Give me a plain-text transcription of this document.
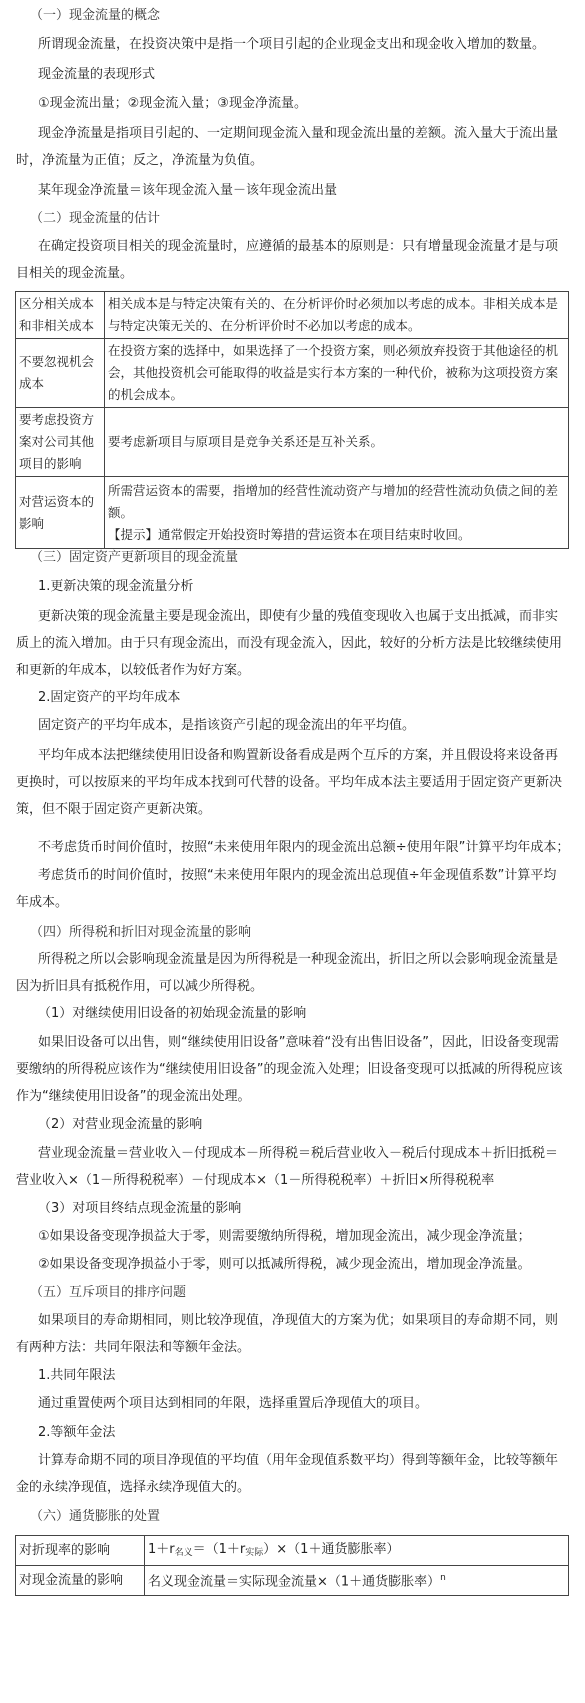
（一）现金流量的概念
所谓现金流量，在投资决策中是指一个项目引起的企业现金支出和现金收入增加的数量。
现金流量的表现形式
①现金流出量；②现金流入量；③现金净流量。
现金净流量是指项目引起的、一定期间现金流入量和现金流出量的差额。流入量大于流出量时，净流量为正值；反之，净流量为负值。
某年现金净流量＝该年现金流入量－该年现金流出量
（二）现金流量的估计
在确定投资项目相关的现金流量时，应遵循的最基本的原则是：只有增量现金流量才是与项目相关的现金流量。
区分相关成本和非相关成本	相关成本是与特定决策有关的、在分析评价时必须加以考虑的成本。非相关成本是与特定决策无关的、在分析评价时不必加以考虑的成本。
不要忽视机会成本	在投资方案的选择中，如果选择了一个投资方案，则必须放弃投资于其他途径的机会，其他投资机会可能取得的收益是实行本方案的一种代价，被称为这项投资方案的机会成本。
要考虑投资方案对公司其他项目的影响	要考虑新项目与原项目是竞争关系还是互补关系。
对营运资本的影响	所需营运资本的需要，指增加的经营性流动资产与增加的经营性流动负债之间的差额。
【提示】通常假定开始投资时筹措的营运资本在项目结束时收回。
（三）固定资产更新项目的现金流量
1.更新决策的现金流量分析
更新决策的现金流量主要是现金流出，即使有少量的残值变现收入也属于支出抵减，而非实质上的流入增加。由于只有现金流出，而没有现金流入，因此，较好的分析方法是比较继续使用和更新的年成本，以较低者作为好方案。
2.固定资产的平均年成本
固定资产的平均年成本，是指该资产引起的现金流出的年平均值。
平均年成本法把继续使用旧设备和购置新设备看成是两个互斥的方案，并且假设将来设备再更换时，可以按原来的平均年成本找到可代替的设备。平均年成本法主要适用于固定资产更新决策，但不限于固定资产更新决策。
不考虑货币时间价值时，按照“未来使用年限内的现金流出总额÷使用年限”计算平均年成本；
考虑货币的时间价值时，按照“未来使用年限内的现金流出总现值÷年金现值系数”计算平均年成本。
（四）所得税和折旧对现金流量的影响
所得税之所以会影响现金流量是因为所得税是一种现金流出，折旧之所以会影响现金流量是因为折旧具有抵税作用，可以减少所得税。
（1）对继续使用旧设备的初始现金流量的影响
如果旧设备可以出售，则“继续使用旧设备”意味着“没有出售旧设备”，因此，旧设备变现需要缴纳的所得税应该作为“继续使用旧设备”的现金流入处理；旧设备变现可以抵减的所得税应该作为“继续使用旧设备”的现金流出处理。
（2）对营业现金流量的影响
营业现金流量＝营业收入－付现成本－所得税＝税后营业收入－税后付现成本＋折旧抵税＝营业收入×（1－所得税税率）－付现成本×（1－所得税税率）＋折旧×所得税税率
（3）对项目终结点现金流量的影响
①如果设备变现净损益大于零，则需要缴纳所得税，增加现金流出，减少现金净流量；
②如果设备变现净损益小于零，则可以抵减所得税，减少现金流出，增加现金净流量。
（五）互斥项目的排序问题
如果项目的寿命期相同，则比较净现值，净现值大的方案为优；如果项目的寿命期不同，则有两种方法：共同年限法和等额年金法。
1.共同年限法
通过重置使两个项目达到相同的年限，选择重置后净现值大的项目。
2.等额年金法
计算寿命期不同的项目净现值的平均值（用年金现值系数平均）得到等额年金，比较等额年金的永续净现值，选择永续净现值大的。
（六）通货膨胀的处置
对折现率的影响	1＋r名义＝（1＋r实际）×（1＋通货膨胀率）
对现金流量的影响	名义现金流量＝实际现金流量×（1＋通货膨胀率）$^n$
